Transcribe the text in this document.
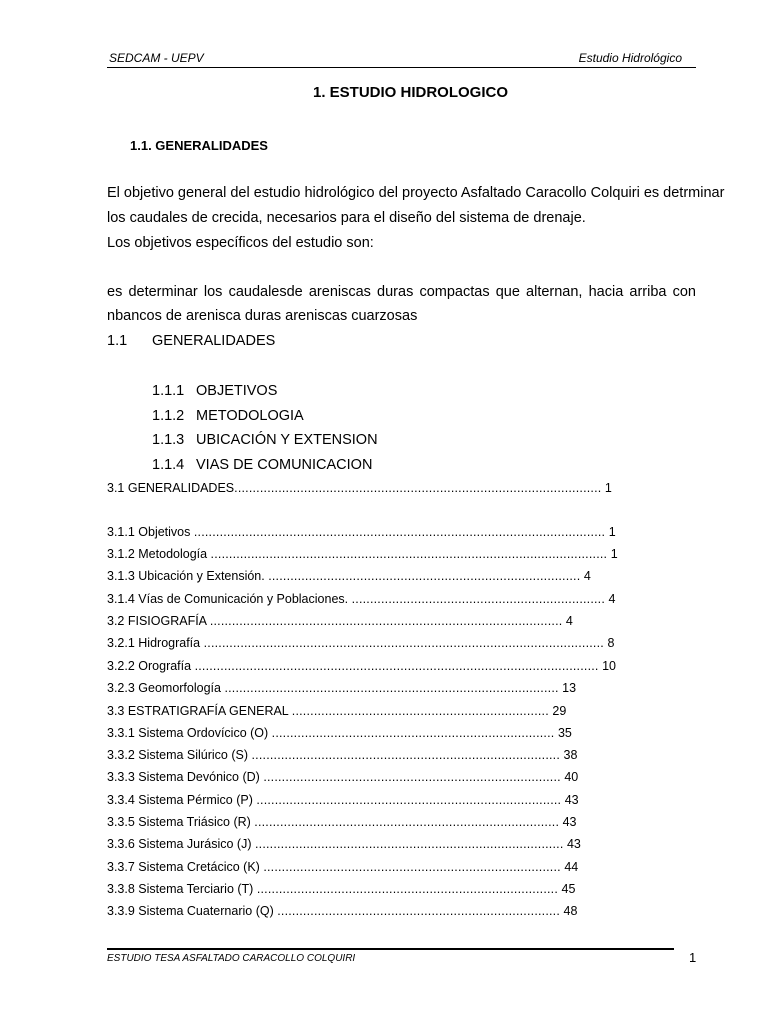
SEDCAM - UEPV	Estudio Hidrológico
1. ESTUDIO HIDROLOGICO
1.1. GENERALIDADES
El objetivo general del estudio hidrológico del proyecto Asfaltado Caracollo Colquiri es detrminar
los caudales de crecida, necesarios para el diseño del sistema de drenaje.
Los objetivos específicos del estudio son:
es determinar los caudalesde areniscas duras compactas que alternan, hacia arriba con
nbancos de arenisca duras areniscas cuarzosas
1.1 GENERALIDADES
1.1.1 OBJETIVOS
1.1.2 METODOLOGIA
1.1.3 UBICACIÓN Y EXTENSION
1.1.4 VIAS DE COMUNICACION
3.1 GENERALIDADES.................................................................................................... 1
3.1.1 Objetivos ................................................................................................................ 1
3.1.2 Metodología ............................................................................................................ 1
3.1.3 Ubicación y Extensión. ..................................................................................... 4
3.1.4 Vías de Comunicación y Poblaciones. ..................................................................... 4
3.2 FISIOGRAFÍA ................................................................................................ 4
3.2.1 Hidrografía ............................................................................................................. 8
3.2.2 Orografía .............................................................................................................. 10
3.2.3 Geomorfología ........................................................................................... 13
3.3 ESTRATIGRAFÍA GENERAL ...................................................................... 29
3.3.1 Sistema Ordovícico (O) ............................................................................. 35
3.3.2 Sistema Silúrico (S) .................................................................................... 38
3.3.3 Sistema Devónico (D) ................................................................................. 40
3.3.4 Sistema Pérmico (P) ................................................................................... 43
3.3.5 Sistema Triásico (R) ................................................................................... 43
3.3.6 Sistema Jurásico (J) .................................................................................... 43
3.3.7 Sistema Cretácico (K) ................................................................................. 44
3.3.8 Sistema Terciario (T) .................................................................................. 45
3.3.9 Sistema Cuaternario (Q) ............................................................................. 48
ESTUDIO TESA ASFALTADO CARACOLLO COLQUIRI	1
